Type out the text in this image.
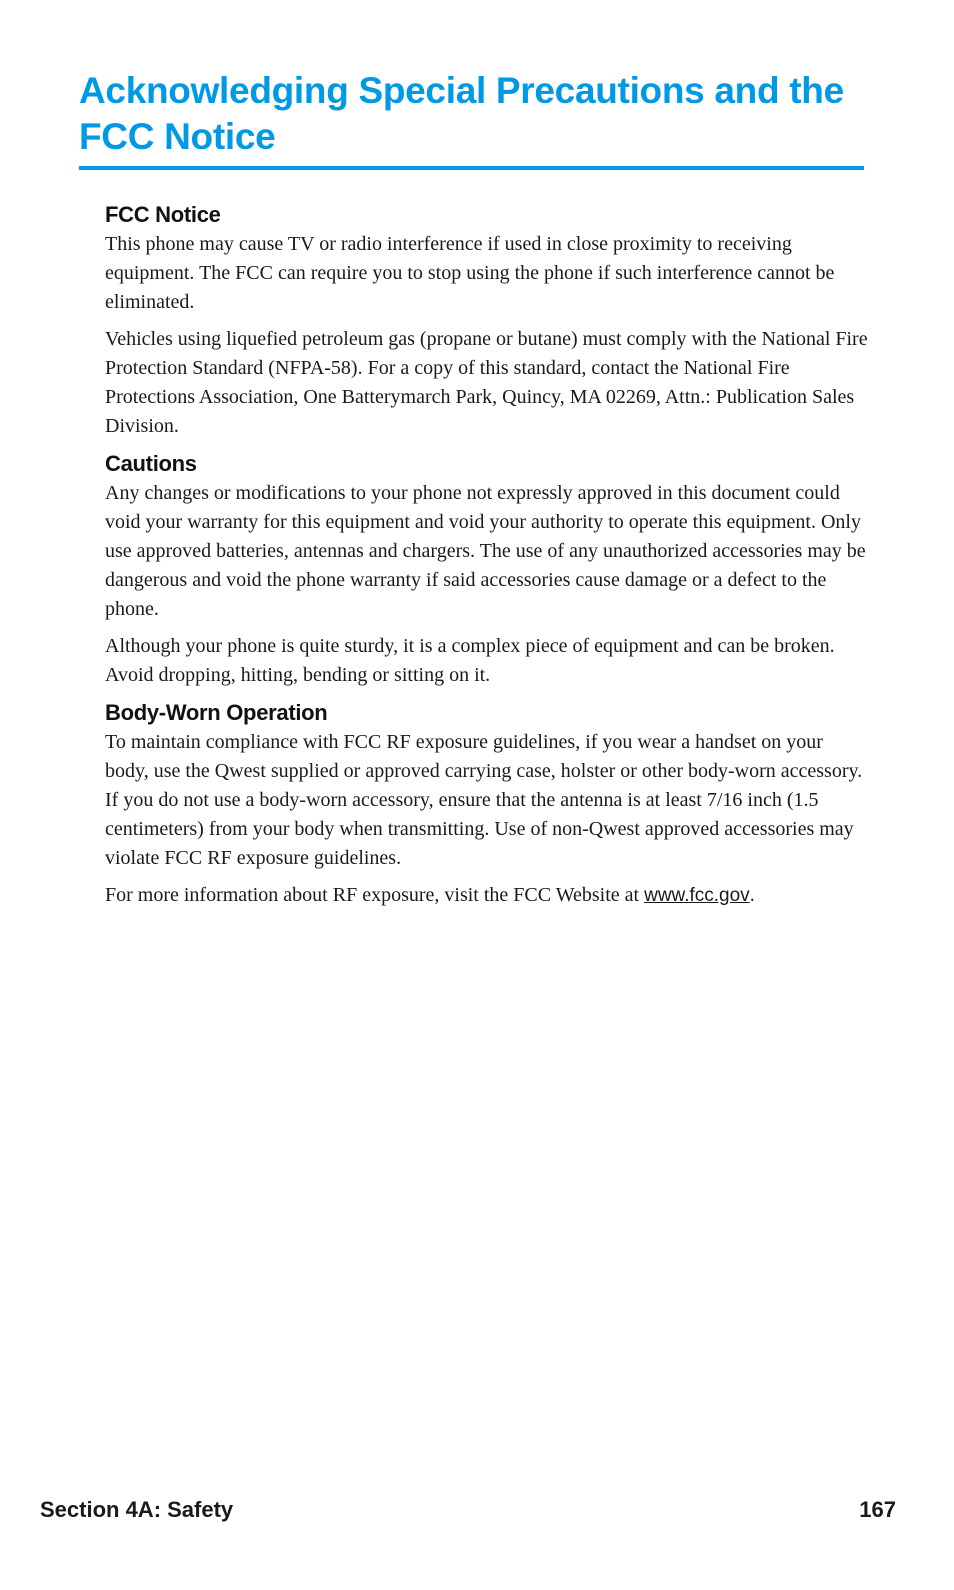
Acknowledging Special Precautions and the
FCC Notice
FCC Notice

This phone may cause TV or radio interference if used in close proximity to receiving equipment. The FCC can require you to stop using the phone if such interference cannot be eliminated.

Vehicles using liquefied petroleum gas (propane or butane) must comply with the National Fire Protection Standard (NFPA-58). For a copy of this standard, contact the National Fire Protections Association, One Batterymarch Park, Quincy, MA 02269, Attn.: Publication Sales Division.

Cautions

Any changes or modifications to your phone not expressly approved in this document could void your warranty for this equipment and void your authority to operate this equipment. Only use approved batteries, antennas and chargers. The use of any unauthorized accessories may be dangerous and void the phone warranty if said accessories cause damage or a defect to the phone.

Although your phone is quite sturdy, it is a complex piece of equipment and can be broken. Avoid dropping, hitting, bending or sitting on it.

Body-Worn Operation

To maintain compliance with FCC RF exposure guidelines, if you wear a handset on your body, use the Qwest supplied or approved carrying case, holster or other body-worn accessory. If you do not use a body-worn accessory, ensure that the antenna is at least 7/16 inch (1.5 centimeters) from your body when transmitting. Use of non-Qwest approved accessories may violate FCC RF exposure guidelines.

For more information about RF exposure, visit the FCC Website at www.fcc.gov.

Section 4A: Safety	167
